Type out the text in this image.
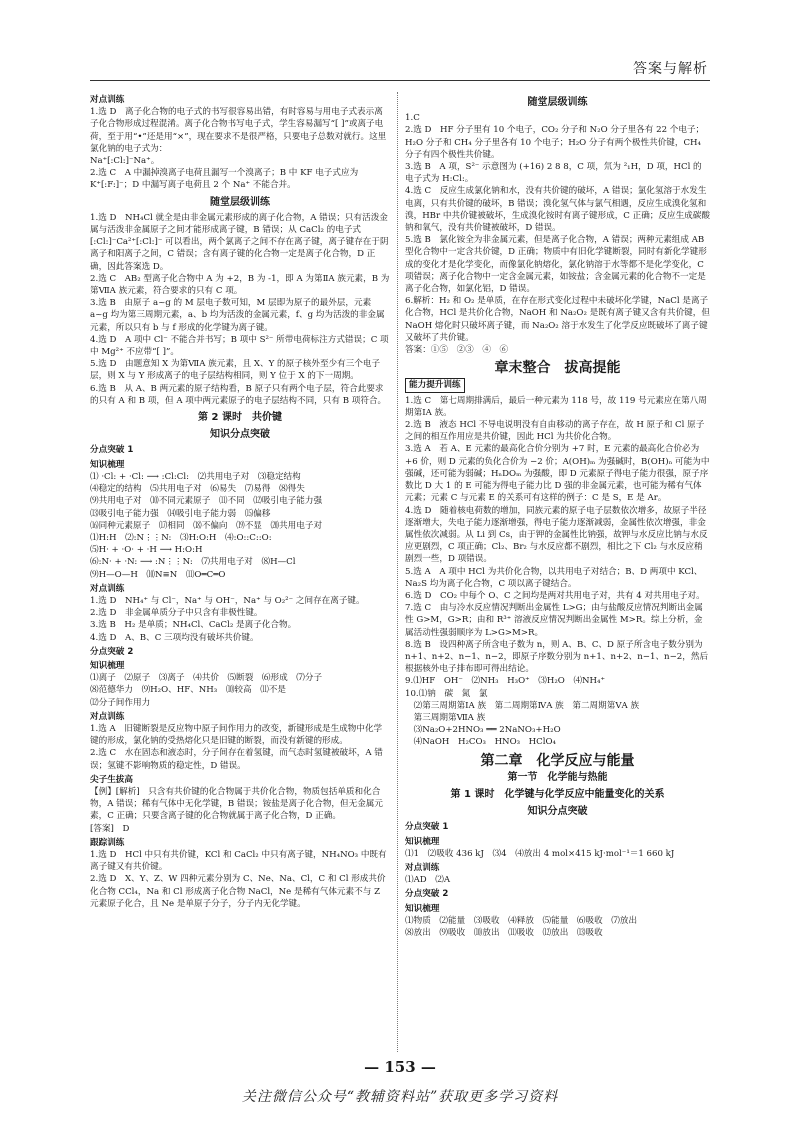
答案与解析
对点训练

1.选 D　离子化合物的电子式的书写很容易出错，有时容易与用电子式表示离子化合物形成过程混淆。离子化合物书写电子式，学生容易漏写“[ ]”或离子电荷，至于用“•”还是用“×”，现在要求不是很严格，只要电子总数对就行。这里氯化钠的电子式为：

Na⁺[:Cl:]⁻Na⁺。

2.选 C　A 中漏掉溴离子电荷且漏写一个溴离子；B 中 KF 电子式应为 K⁺[:F:]⁻；D 中漏写离子电荷且 2 个 Na⁺ 不能合并。

随堂层级训练

1.选 D　NH₄Cl 就全是由非金属元素形成的离子化合物，A 错误；只有活泼金属与活泼非金属原子之间才能形成离子键，B 错误；从 CaCl₂ 的电子式 [:Cl:]⁻Ca²⁺[:Cl:]⁻ 可以看出，两个氯离子之间不存在离子键，离子键存在于阴离子和阳离子之间，C 错误；含有离子键的化合物一定是离子化合物，D 正确，因此答案选 D。

2.选 C　AB₂ 型离子化合物中 A 为 +2，B 为 -1，即 A 为第ⅡA 族元素，B 为第ⅦA 族元素，符合要求的只有 C 项。

3.选 B　由原子 a~g 的 M 层电子数可知，M 层即为原子的最外层，元素 a~g 均为第三周期元素，a、b 均为活泼的金属元素，f、g 均为活泼的非金属元素，所以只有 b 与 f 形成的化学键为离子键。

4.选 D　A 项中 Cl⁻ 不能合并书写；B 项中 S²⁻ 所带电荷标注方式错误；C 项中 Mg²⁺ 不应带“[ ]”。

5.选 D　由题意知 X 为第ⅦA 族元素，且 X、Y 的原子核外至少有三个电子层，则 X 与 Y 形成离子的电子层结构相同，则 Y 位于 X 的下一周期。

6.选 B　从 A、B 两元素的原子结构看，B 原子只有两个电子层，符合此要求的只有 A 和 B 项，但 A 项中两元素原子的电子层结构不同，只有 B 项符合。

第 2 课时　共价键
知识分点突破
分点突破 1
知识梳理

⑴ ·Cl: + ·Cl: ⟶ :Cl:Cl:　⑵共用电子对　⑶稳定结构

⑷稳定的结构　⑸共用电子对　⑹易失　⑺易得　⑻得失

⑼共用电子对　⑽不同元素原子　⑾不同　⑿吸引电子能力强

⒀吸引电子能力强　⒁吸引电子能力弱　⒂偏移

⒃同种元素原子　⒄相同　⒅不偏向　⒆不显　⒇共用电子对

⑴H:H　⑵:N⋮⋮N:　⑶H:O:H　⑷:O::C::O:

⑸H· + ·O· + ·H ⟶ H:O:H

⑹:N· + ·N: ⟶ :N⋮⋮N:　⑺共用电子对　⑻H—Cl

⑼H—O—H　⑽N≡N　⑾O═C═O

对点训练

1.选 D　NH₄⁺ 与 Cl⁻，Na⁺ 与 OH⁻，Na⁺ 与 O₂²⁻ 之间存在离子键。

2.选 D　非金属单质分子中只含有非极性键。

3.选 B　H₂ 是单质；NH₄Cl、CaCl₂ 是离子化合物。

4.选 D　A、B、C 三项均没有破坏共价键。

分点突破 2
知识梳理

⑴离子　⑵原子　⑶离子　⑷共价　⑸断裂　⑹形成　⑺分子

⑻范德华力　⑼H₂O、HF、NH₃　⑽较高　⑾不是

⑿分子间作用力

对点训练

1.选 A　旧键断裂是反应物中原子间作用力的改变，新键形成是生成物中化学键的形成，氯化钠的受热熔化只是旧键的断裂，而没有新键的形成。

2.选 C　水在固态和液态时，分子间存在着氢键，而气态时氢键被破坏，A 错误；氢键不影响物质的稳定性，D 错误。

尖子生拔高

【例】[解析]　只含有共价键的化合物属于共价化合物，物质包括单质和化合物，A 错误；稀有气体中无化学键，B 错误；铵盐是离子化合物，但无金属元素，C 正确；只要含离子键的化合物就属于离子化合物，D 正确。

[答案]　D

跟踪训练

1.选 D　HCl 中只有共价键，KCl 和 CaCl₂ 中只有离子键，NH₄NO₃ 中既有离子键又有共价键。

2.选 D　X、Y、Z、W 四种元素分别为 C、Ne、Na、Cl，C 和 Cl 形成共价化合物 CCl₄，Na 和 Cl 形成离子化合物 NaCl，Ne 是稀有气体元素不与 Z 元素原子化合，且 Ne 是单原子分子，分子内无化学键。

随堂层级训练

1.C

2.选 D　HF 分子里有 10 个电子，CO₂ 分子和 N₂O 分子里各有 22 个电子；H₂O 分子和 CH₄ 分子里各有 10 个电子；H₂O 分子有两个极性共价键，CH₄ 分子有四个极性共价键。

3.选 B　A 项，S²⁻ 示意图为 (+16) 2 8 8，C 项，氘为 ²₁H，D 项，HCl 的电子式为 H:Cl:。

4.选 C　反应生成氯化钠和水，没有共价键的破坏，A 错误；氯化氢溶于水发生电离，只有共价键的破坏，B 错误；溴化氢气体与氯气相遇，反应生成溴化氢和溴，HBr 中共价键被破坏，生成溴化铵时有离子键形成，C 正确；反应生成碳酸钠和氧气，没有共价键被破坏，D 错误。

5.选 B　氯化铵全为非金属元素，但是离子化合物，A 错误；两种元素组成 AB 型化合物中一定含共价键，D 正确；物质中有旧化学键断裂，同时有新化学键形成的变化才是化学变化，而像氯化钠熔化，氯化钠溶于水等都不是化学变化，C 项错误；离子化合物中一定含金属元素，如铵盐；含金属元素的化合物不一定是离子化合物，如氯化铝，D 错误。

6.解析：H₂ 和 O₂ 是单质，在存在形式变化过程中未破坏化学键，NaCl 是离子化合物，HCl 是共价化合物，NaOH 和 Na₂O₂ 是既有离子键又含有共价键，但 NaOH 熔化时只破坏离子键，而 Na₂O₂ 溶于水发生了化学反应既破坏了离子键又破坏了共价键。

答案：①⑤　②③　④　⑥

章末整合　拔高提能
能力提升训练

1.选 C　第七周期排满后，最后一种元素为 118 号，故 119 号元素应在第八周期第ⅠA 族。

2.选 B　液态 HCl 不导电说明没有自由移动的离子存在，故 H 原子和 Cl 原子之间的相互作用应是共价键，因此 HCl 为共价化合物。

3.选 A　若 A、E 元素的最高化合价分别为 +7 时，E 元素的最高化合价必为 +6 价，则 D 元素的负化合价为 −2 价；A(OH)ₘ 为强碱时，B(OH)ₙ 可能为中强碱，还可能为弱碱；HₙDOₘ 为强酸，即 D 元素原子得电子能力很强，原子序数比 D 大 1 的 E 可能为得电子能力比 D 强的非金属元素，也可能为稀有气体元素；元素 C 与元素 E 的关系可有这样的例子：C 是 S，E 是 Ar。

4.选 D　随着核电荷数的增加，同族元素的原子电子层数依次增多，故原子半径逐渐增大，失电子能力逐渐增强，得电子能力逐渐减弱，金属性依次增强，非金属性依次减弱。从 Li 到 Cs，由于钾的金属性比钠强，故钾与水反应比钠与水反应更剧烈，C 项正确；Cl₂、Br₂ 与水反应都不剧烈，相比之下 Cl₂ 与水反应稍剧烈一些，D 项错误。

5.选 A　A 项中 HCl 为共价化合物，以共用电子对结合；B、D 两项中 KCl、Na₂S 均为离子化合物，C 项以离子键结合。

6.选 D　CO₂ 中每个 O、C 之间均是两对共用电子对，共有 4 对共用电子对。

7.选 C　由与冷水反应情况判断出金属性 L>G；由与盐酸反应情况判断出金属性 G>M，G>R；由和 R³⁺ 溶液反应情况判断出金属性 M>R。综上分析，金属活动性强弱顺序为 L>G>M>R。

8.选 B　设四种离子所含电子数为 n，则 A、B、C、D 原子所含电子数分别为 n+1、n+2、n−1、n−2，即原子序数分别为 n+1、n+2、n−1、n−2，然后根据核外电子排布即可得出结论。

9.⑴HF　OH⁻　⑵NH₃　H₃O⁺　⑶H₂O　⑷NH₄⁺

10.⑴钠　碳　氮　氯

　⑵第三周期第ⅠA 族　第二周期第ⅣA 族　第二周期第ⅤA 族

　第三周期第ⅦA 族

　⑶Na₂O+2HNO₃ ══ 2NaNO₃+H₂O

　⑷NaOH　H₂CO₃　HNO₃　HClO₄

第二章　化学反应与能量
第一节　化学能与热能
第 1 课时　化学键与化学反应中能量变化的关系
知识分点突破
分点突破 1
知识梳理

⑴1　⑵吸收 436 kJ　⑶4　⑷放出 4 mol×415 kJ·mol⁻¹＝1 660 kJ

对点训练

⑴AD　⑵A

分点突破 2
知识梳理

⑴物质　⑵能量　⑶吸收　⑷释放　⑸能量　⑹吸收　⑺放出

⑻放出　⑼吸收　⑽放出　⑾吸收　⑿放出　⒀吸收

— 153 —
关注微信公众号“教辅资料站”获取更多学习资料
